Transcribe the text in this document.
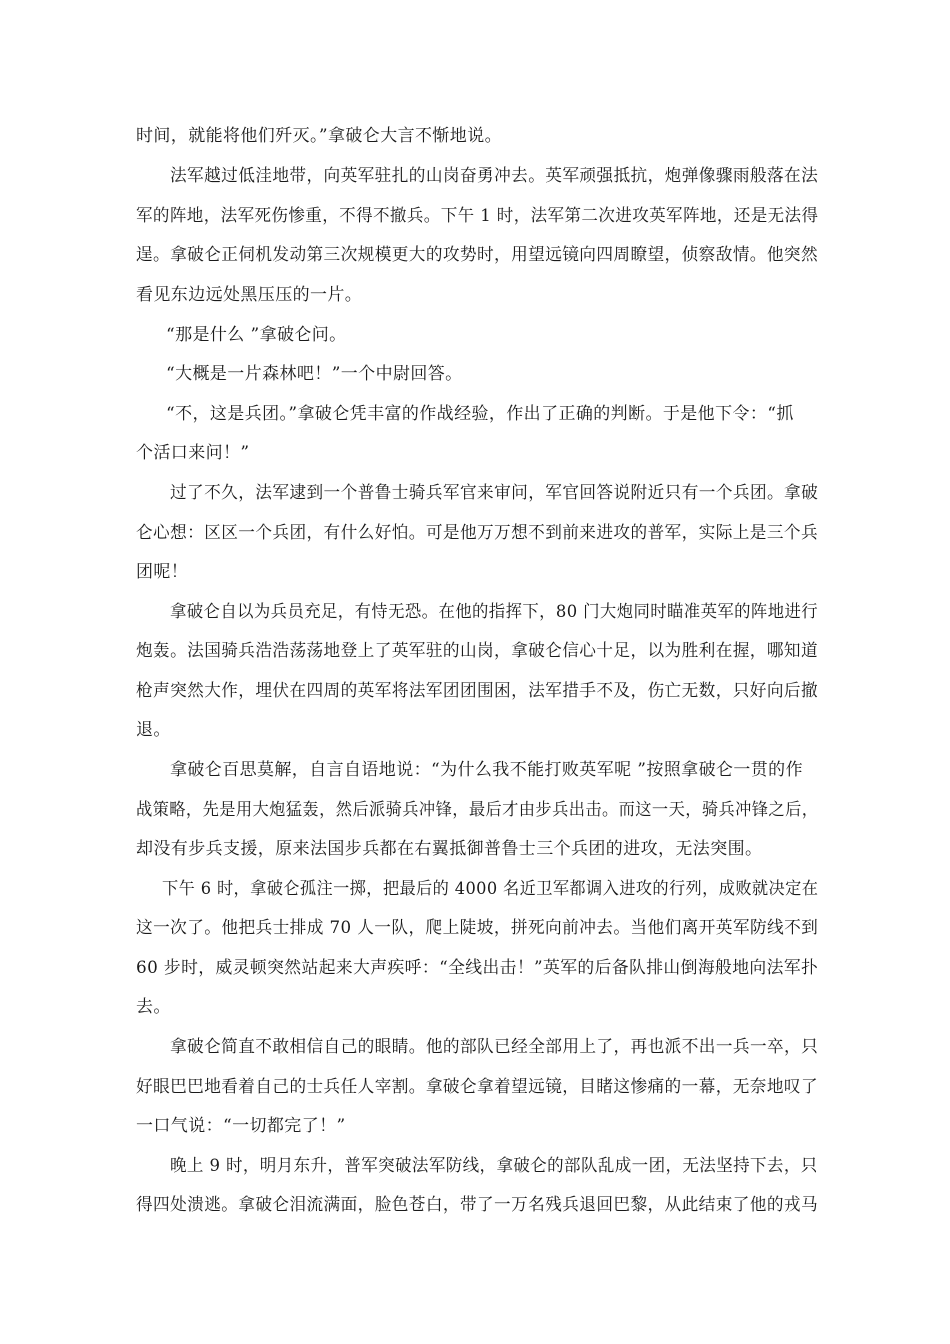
时间，就能将他们歼灭。”拿破仑大言不惭地说。
法军越过低洼地带，向英军驻扎的山岗奋勇冲去。英军顽强抵抗，炮弹像骤雨般落在法
军的阵地，法军死伤惨重，不得不撤兵。下午 1 时，法军第二次进攻英军阵地，还是无法得
逞。拿破仑正伺机发动第三次规模更大的攻势时，用望远镜向四周瞭望，侦察敌情。他突然
看见东边远处黑压压的一片。
“那是什么 ”拿破仑问。
“大概是一片森林吧！”一个中尉回答。
“不，这是兵团。”拿破仑凭丰富的作战经验，作出了正确的判断。于是他下令：“抓
个活口来问！”
过了不久，法军逮到一个普鲁士骑兵军官来审问，军官回答说附近只有一个兵团。拿破
仑心想：区区一个兵团，有什么好怕。可是他万万想不到前来进攻的普军，实际上是三个兵
团呢！
拿破仑自以为兵员充足，有恃无恐。在他的指挥下，80 门大炮同时瞄准英军的阵地进行
炮轰。法国骑兵浩浩荡荡地登上了英军驻的山岗，拿破仑信心十足，以为胜利在握，哪知道
枪声突然大作，埋伏在四周的英军将法军团团围困，法军措手不及，伤亡无数，只好向后撤
退。
拿破仑百思莫解，自言自语地说：“为什么我不能打败英军呢 ”按照拿破仑一贯的作
战策略，先是用大炮猛轰，然后派骑兵冲锋，最后才由步兵出击。而这一天，骑兵冲锋之后，
却没有步兵支援，原来法国步兵都在右翼抵御普鲁士三个兵团的进攻，无法突围。
下午 6 时，拿破仑孤注一掷，把最后的 4000 名近卫军都调入进攻的行列，成败就决定在
这一次了。他把兵士排成 70 人一队，爬上陡坡，拼死向前冲去。当他们离开英军防线不到
60 步时，威灵顿突然站起来大声疾呼：“全线出击！”英军的后备队排山倒海般地向法军扑
去。
拿破仑简直不敢相信自己的眼睛。他的部队已经全部用上了，再也派不出一兵一卒，只
好眼巴巴地看着自己的士兵任人宰割。拿破仑拿着望远镜，目睹这惨痛的一幕，无奈地叹了
一口气说：“一切都完了！”
晚上 9 时，明月东升，普军突破法军防线，拿破仑的部队乱成一团，无法坚持下去，只
得四处溃逃。拿破仑泪流满面，脸色苍白，带了一万名残兵退回巴黎，从此结束了他的戎马
